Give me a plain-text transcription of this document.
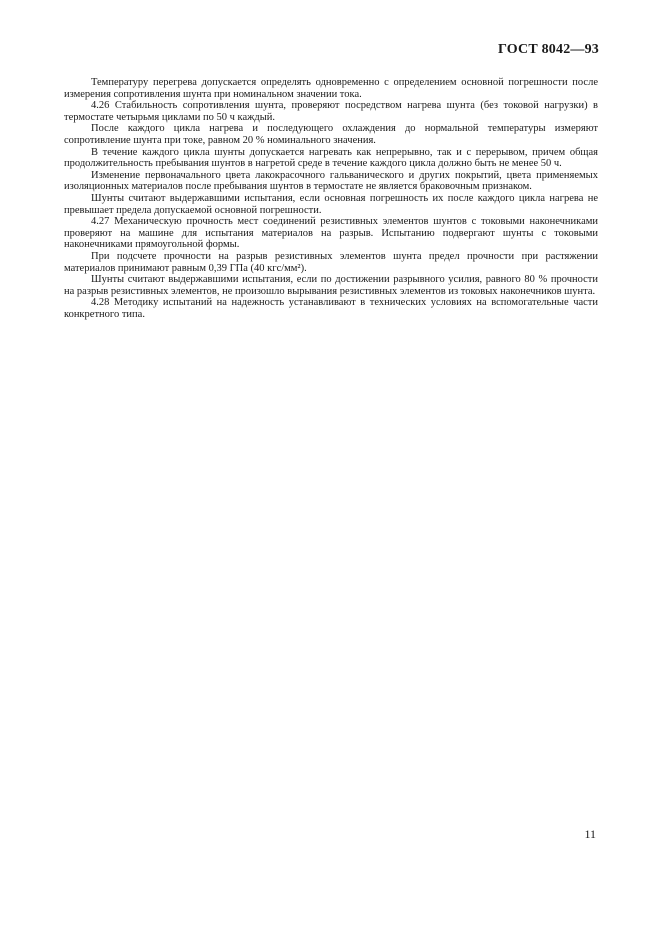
ГОСТ 8042—93

Температуру перегрева допускается определять одновременно с определением основной погрешности после измерения сопротивления шунта при номинальном значении тока.

4.26 Стабильность сопротивления шунта, проверяют посредством нагрева шунта (без токовой нагрузки) в термостате четырьмя циклами по 50 ч каждый.

После каждого цикла нагрева и последующего охлаждения до нормальной температуры измеряют сопротивление шунта при токе, равном 20 % номинального значения.

В течение каждого цикла шунты допускается нагревать как непрерывно, так и с перерывом, причем общая продолжительность пребывания шунтов в нагретой среде в течение каждого цикла должно быть не менее 50 ч.

Изменение первоначального цвета лакокрасочного гальванического и других покрытий, цвета применяемых изоляционных материалов после пребывания шунтов в термостате не является браковочным признаком.

Шунты считают выдержавшими испытания, если основная погрешность их после каждого цикла нагрева не превышает предела допускаемой основной погрешности.

4.27 Механическую прочность мест соединений резистивных элементов шунтов с токовыми наконечниками проверяют на машине для испытания материалов на разрыв. Испытанию подвергают шунты с токовыми наконечниками прямоугольной формы.

При подсчете прочности на разрыв резистивных элементов шунта предел прочности при растяжении материалов принимают равным 0,39 ГПа (40 кгс/мм²).

Шунты считают выдержавшими испытания, если по достижении разрывного усилия, равного 80 % прочности на разрыв резистивных элементов, не произошло вырывания резистивных элементов из токовых наконечников шунта.

4.28 Методику испытаний на надежность устанавливают в технических условиях на вспомогательные части конкретного типа.

11
